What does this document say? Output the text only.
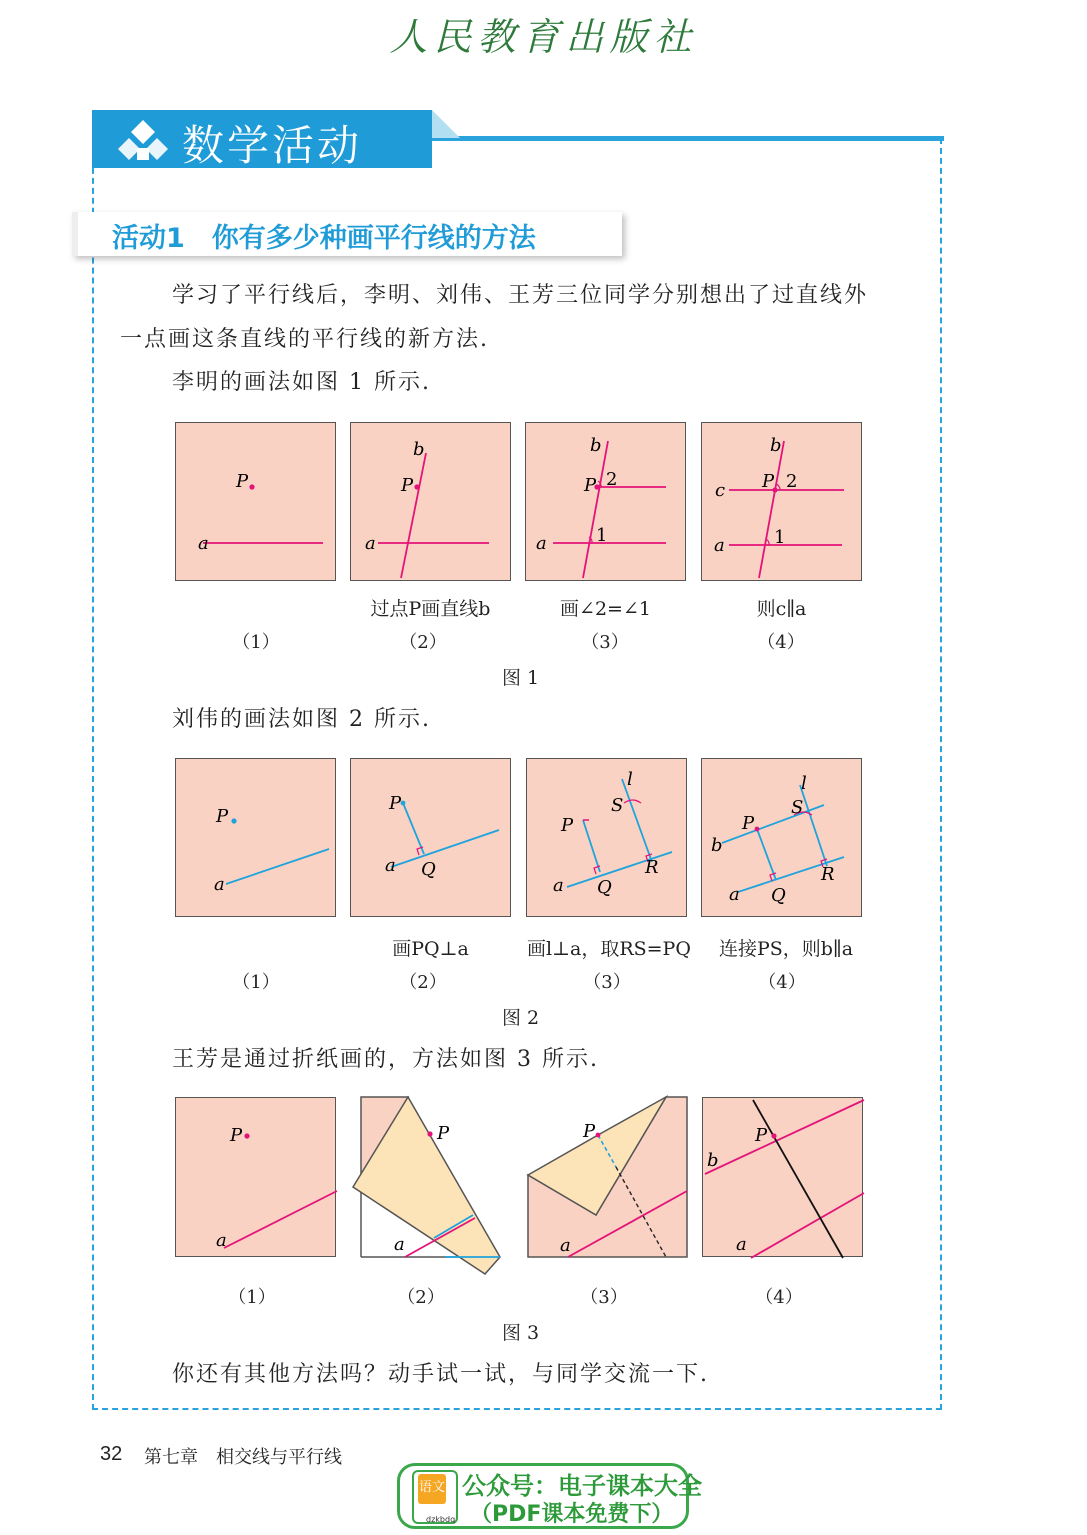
人民教育出版社
数学活动
活动1　你有多少种画平行线的方法
学习了平行线后，李明、刘伟、王芳三位同学分别想出了过直线外
一点画这条直线的平行线的新方法.
李明的画法如图 1 所示.
P
a
P
b
a
P 2
1
b
a
P 2
1
b
c
a
过点P画直线b	画∠2=∠1	则c∥a
（1）	（2）	（3）	（4）
图 1
刘伟的画法如图 2 所示.
P
a
P
Q
a
P
S
l
R
Q
a
P
S
l
R
Q
b
a
画PQ⊥a	画l⊥a，取RS=PQ	连接PS，则b∥a
（1）	（2）	（3）	（4）
图 2
王芳是通过折纸画的，方法如图 3 所示.
P
a
P
a
P
a
P
b
a
（1）	（2）	（3）	（4）
图 3
你还有其他方法吗？动手试一试，与同学交流一下.
32 第七章　相交线与平行线
语文
dzkbdq
公众号：电子课本大全
（PDF课本免费下）
